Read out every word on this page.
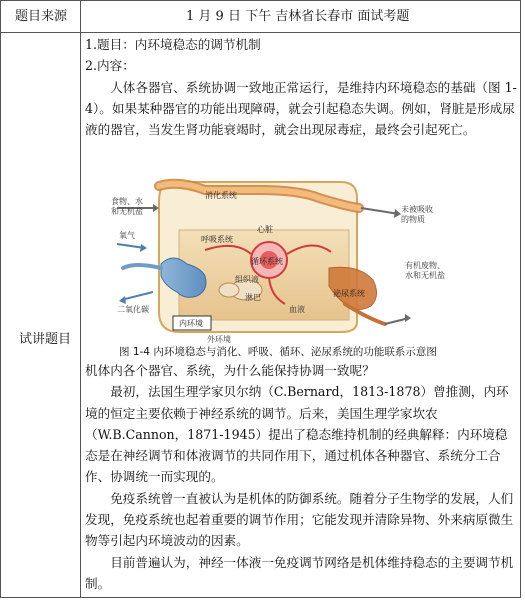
题目来源	1 月 9 日 下午 吉林省长春市 面试考题
试讲题目

1.题目：内环境稳态的调节机制

2.内容：

人体各器官、系统协调一致地正常运行，是维持内环境稳态的基础（图 1-4）。如果某种器官的功能出现障碍，就会引起稳态失调。例如，肾脏是形成尿液的器官，当发生肾功能衰竭时，就会出现尿毒症，最终会引起死亡。

消化系统
食物、水和无机盐	未被吸收的物质
心脏
循环系统
呼吸系统
氧气
二氧化碳
组织液
淋巴
血液
泌尿系统
有机废物、水和无机盐
内环境
外环境
图 1-4 内环境稳态与消化、呼吸、循环、泌尿系统的功能联系示意图

机体内各个器官、系统，为什么能保持协调一致呢？

最初，法国生理学家贝尔纳（C.Bernard，1813-1878）曾推测，内环境的恒定主要依赖于神经系统的调节。后来，美国生理学家坎农（W.B.Cannon，1871-1945）提出了稳态维持机制的经典解释：内环境稳态是在神经调节和体液调节的共同作用下，通过机体各种器官、系统分工合作、协调统一而实现的。

免疫系统曾一直被认为是机体的防御系统。随着分子生物学的发展，人们发现，免疫系统也起着重要的调节作用；它能发现并清除异物、外来病原微生物等引起内环境波动的因素。

目前普遍认为，神经一体液一免疫调节网络是机体维持稳态的主要调节机制。
